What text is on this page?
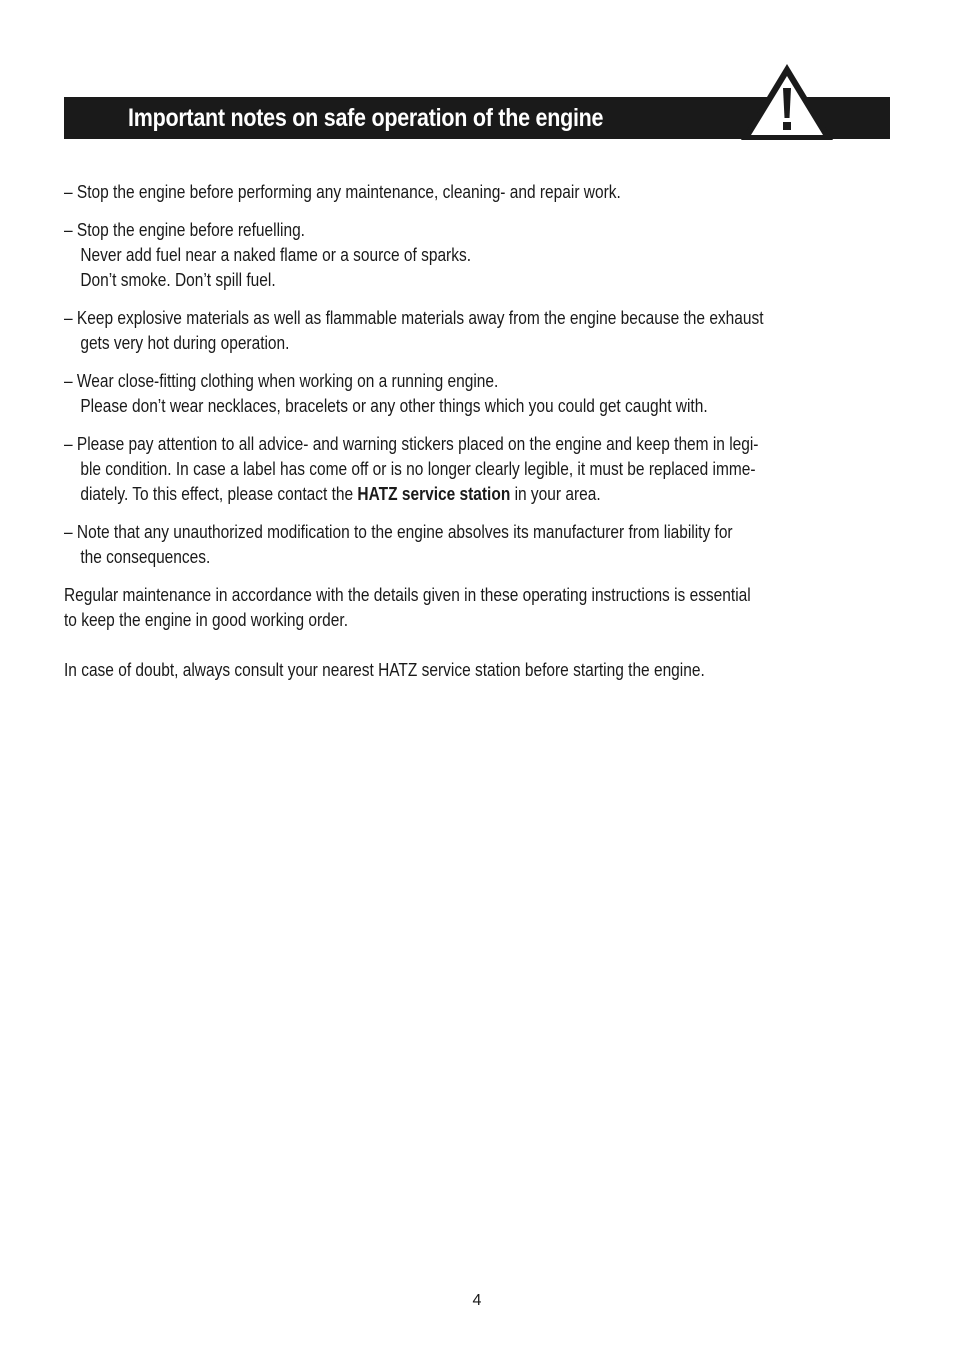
Important notes on safe operation of the engine
– Stop the engine before performing any maintenance, cleaning- and repair work.
– Stop the engine before refuelling.
Never add fuel near a naked flame or a source of sparks.
Don’t smoke. Don’t spill fuel.
– Keep explosive materials as well as flammable materials away from the engine because the exhaust
gets very hot during operation.
– Wear close-fitting clothing when working on a running engine.
Please don’t wear necklaces, bracelets or any other things which you could get caught with.
– Please pay attention to all advice- and warning stickers placed on the engine and keep them in legi-
ble condition. In case a label has come off or is no longer clearly legible, it must be replaced imme-
diately. To this effect, please contact the HATZ service station in your area.
– Note that any unauthorized modification to the engine absolves its manufacturer from liability for
the consequences.
Regular maintenance in accordance with the details given in these operating instructions is essential
to keep the engine in good working order.
In case of doubt, always consult your nearest HATZ service station before starting the engine.
4
